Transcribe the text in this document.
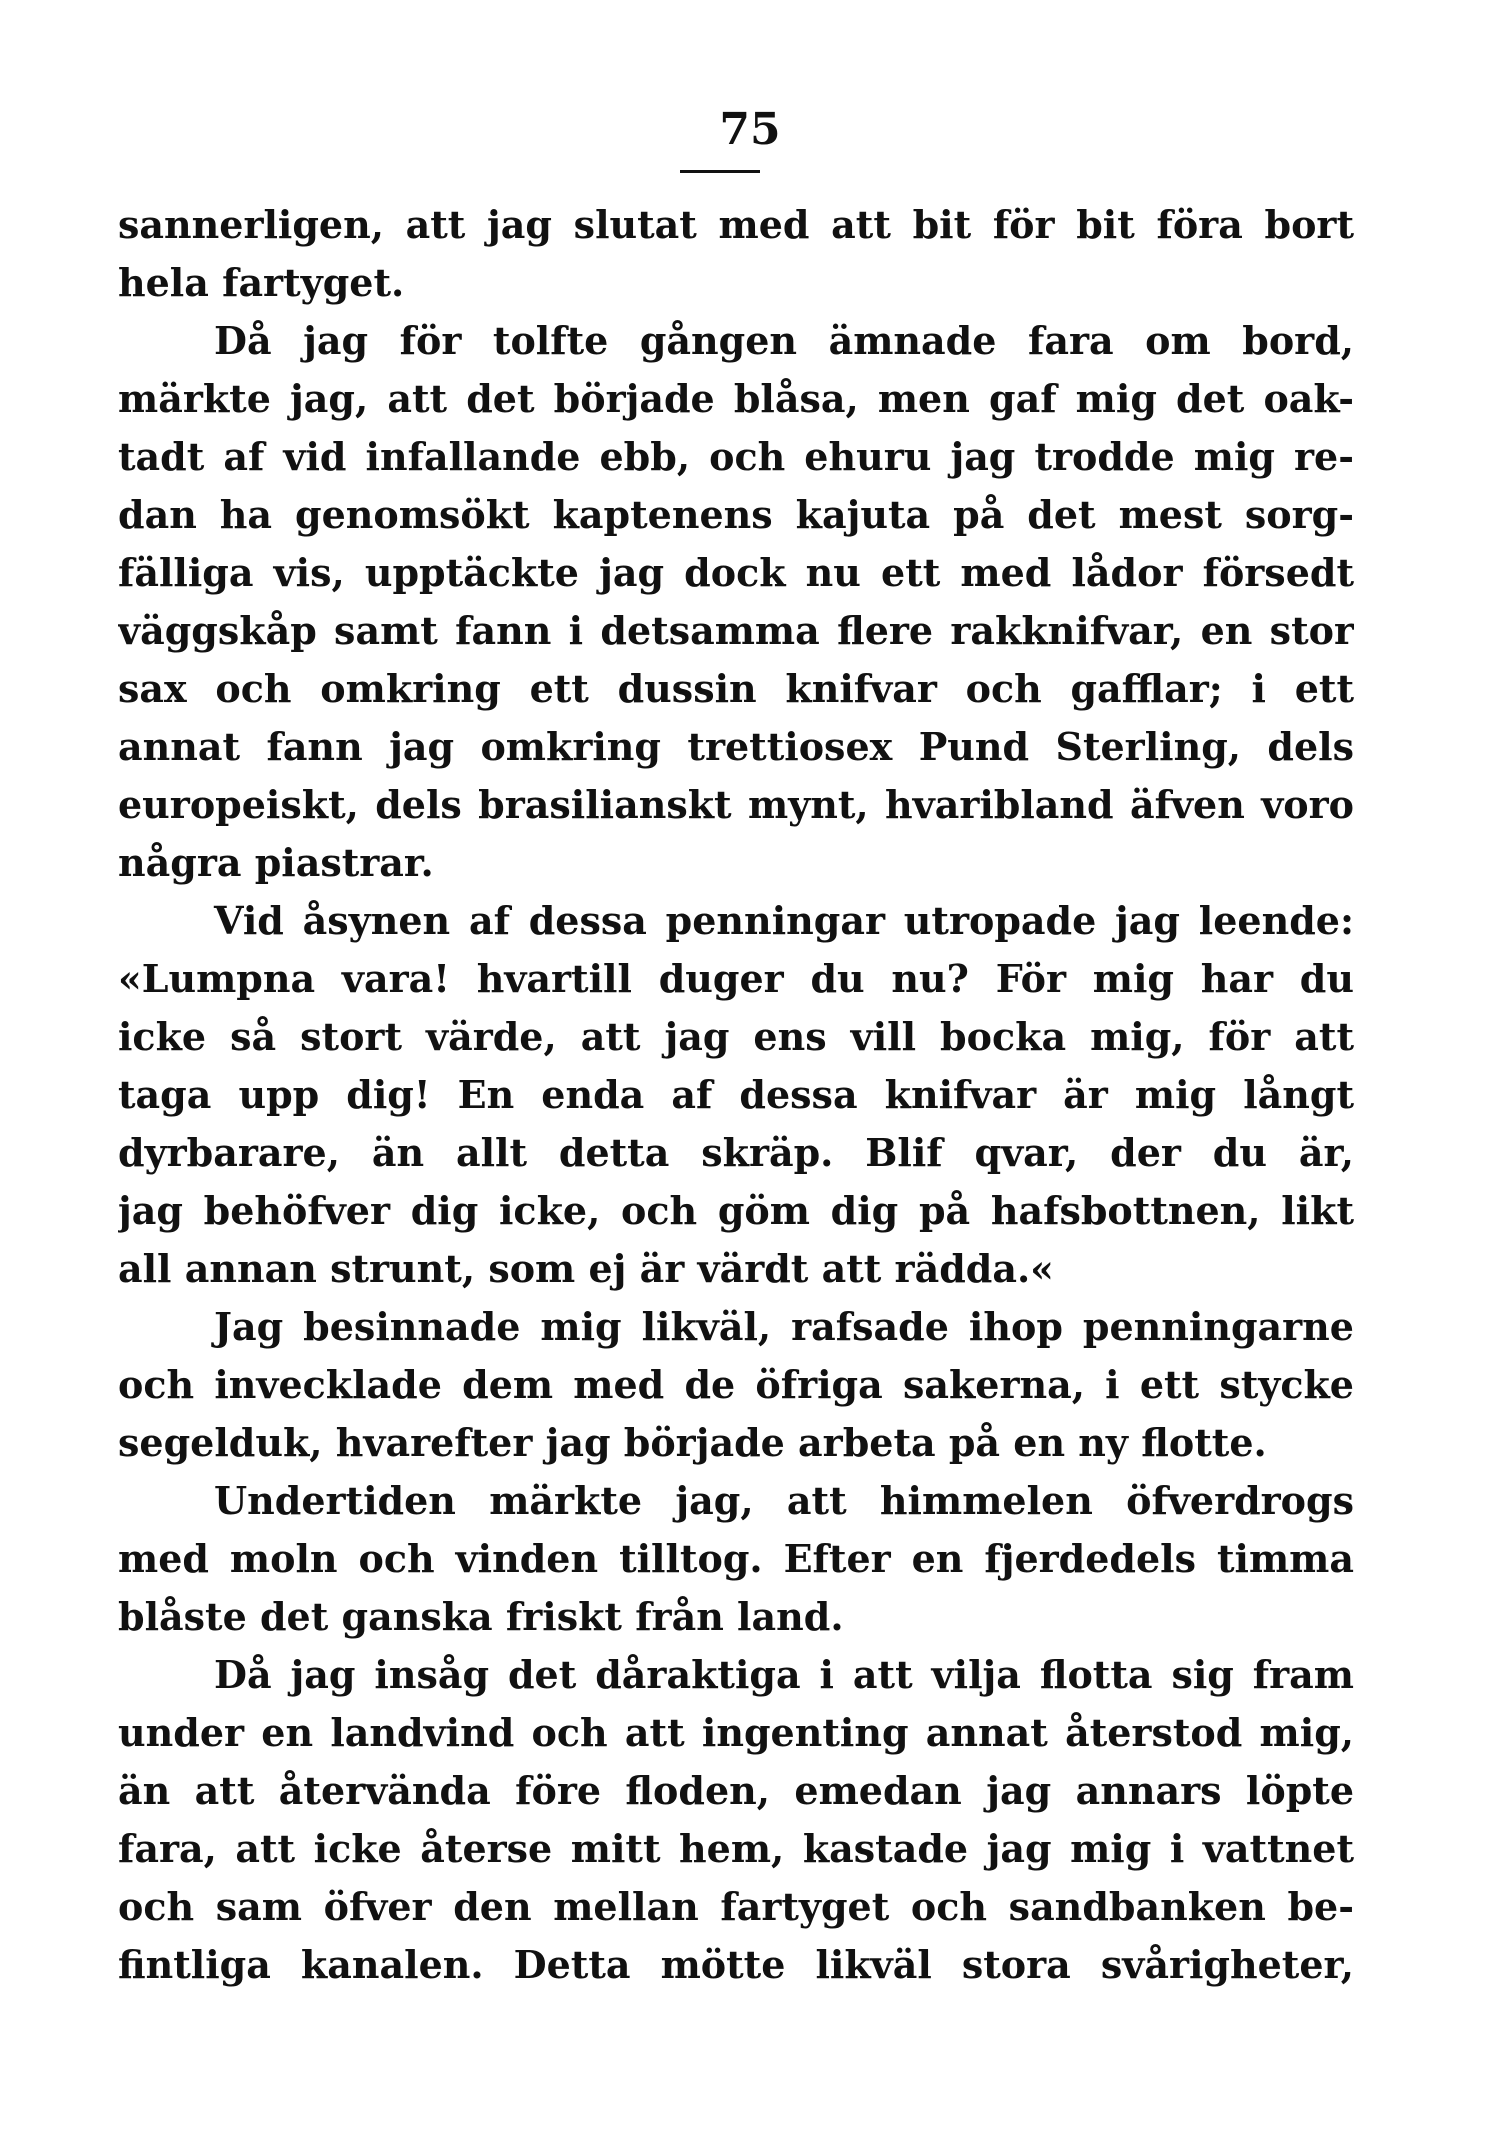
75
sannerligen, att jag slutat med att bit för bit föra bort
hela fartyget.
Då jag för tolfte gången ämnade fara om bord,
märkte jag, att det började blåsa, men gaf mig det oak-
tadt af vid infallande ebb, och ehuru jag trodde mig re-
dan ha genomsökt kaptenens kajuta på det mest sorg-
fälliga vis, upptäckte jag dock nu ett med lådor försedt
väggskåp samt fann i detsamma flere rakknifvar, en stor
sax och omkring ett dussin knifvar och gafflar; i ett
annat fann jag omkring trettiosex Pund Sterling, dels
europeiskt, dels brasilianskt mynt, hvaribland äfven voro
några piastrar.
Vid åsynen af dessa penningar utropade jag leende:
«Lumpna vara! hvartill duger du nu? För mig har du
icke så stort värde, att jag ens vill bocka mig, för att
taga upp dig! En enda af dessa knifvar är mig långt
dyrbarare, än allt detta skräp. Blif qvar, der du är,
jag behöfver dig icke, och göm dig på hafsbottnen, likt
all annan strunt, som ej är värdt att rädda.«
Jag besinnade mig likväl, rafsade ihop penningarne
och invecklade dem med de öfriga sakerna, i ett stycke
segelduk, hvarefter jag började arbeta på en ny flotte.
Undertiden märkte jag, att himmelen öfverdrogs
med moln och vinden tilltog. Efter en fjerdedels timma
blåste det ganska friskt från land.
Då jag insåg det dåraktiga i att vilja flotta sig fram
under en landvind och att ingenting annat återstod mig,
än att återvända före floden, emedan jag annars löpte
fara, att icke återse mitt hem, kastade jag mig i vattnet
och sam öfver den mellan fartyget och sandbanken be-
fintliga kanalen. Detta mötte likväl stora svårigheter,
